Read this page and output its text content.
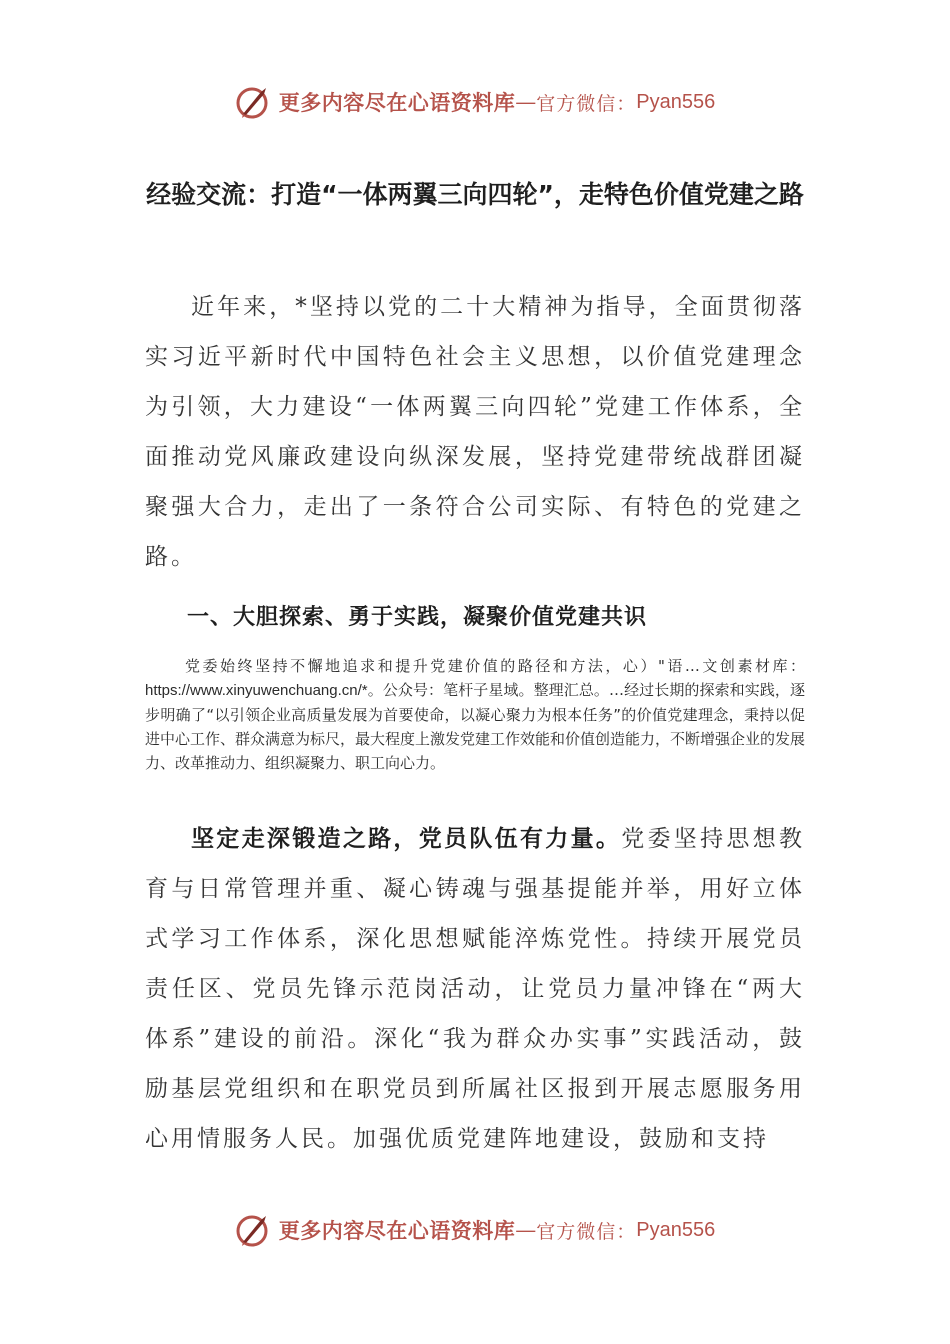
更多内容尽在心语资料库 — 官方微信： Pyan556
经验交流：打造“一体两翼三向四轮”，走特色价值党建之路
近年来，*坚持以党的二十大精神为指导，全面贯彻落实习近平新时代中国特色社会主义思想，以价值党建理念为引领，大力建设“一体两翼三向四轮”党建工作体系，全面推动党风廉政建设向纵深发展，坚持党建带统战群团凝聚强大合力，走出了一条符合公司实际、有特色的党建之路。
一、大胆探索、勇于实践，凝聚价值党建共识
党委始终坚持不懈地追求和提升党建价值的路径和方法，心）"语…文创素材库：https://www.xinyuwenchuang.cn/*。公众号：笔杆子星域。整理汇总。…经过长期的探索和实践，逐步明确了“以引领企业高质量发展为首要使命，以凝心聚力为根本任务”的价值党建理念，秉持以促进中心工作、群众满意为标尺，最大程度上激发党建工作效能和价值创造能力，不断增强企业的发展力、改革推动力、组织凝聚力、职工向心力。
坚定走深锻造之路，党员队伍有力量。党委坚持思想教育与日常管理并重、凝心铸魂与强基提能并举，用好立体式学习工作体系，深化思想赋能淬炼党性。持续开展党员责任区、党员先锋示范岗活动，让党员力量冲锋在“两大体系”建设的前沿。深化“我为群众办实事”实践活动，鼓励基层党组织和在职党员到所属社区报到开展志愿服务用心用情服务人民。加强优质党建阵地建设，鼓励和支持
更多内容尽在心语资料库 — 官方微信： Pyan556
